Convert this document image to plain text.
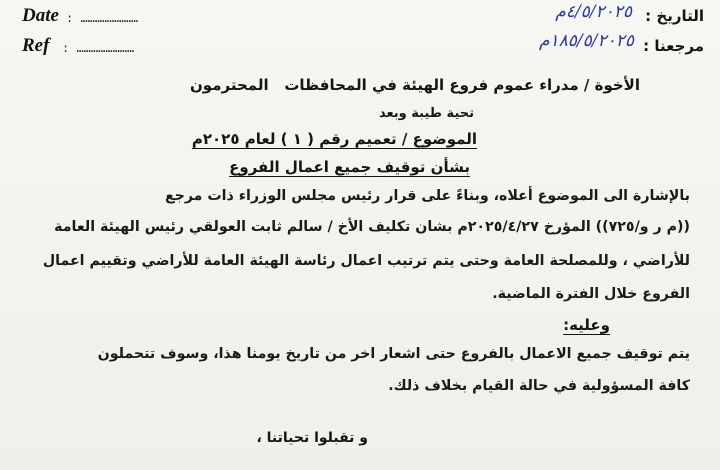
Date : ……………………
Ref : ……………………
التاريخ :
٤/٥/٢٠٢٥م
مرجعنا :
١٨٥/٥/٢٠٢٥م
الأخوة / مدراء عموم فروع الهيئة في المحافظات
المحترمون
تحية طيبة وبعد
الموضوع / تعميم رقم ( ١ ) لعام ٢٠٢٥م
بشأن توقيف جميع اعمال الفروع
بالإشارة الى الموضوع أعلاه، وبناءً على قرار رئيس مجلس الوزراء ذات مرجع
((م ر و/٧٢٥)) المؤرخ ٢٠٢٥/٤/٢٧م بشان تكليف الأخ / سالم ثابت العولقي رئيس الهيئة العامة
للأراضي ، وللمصلحة العامة وحتى يتم ترتيب اعمال رئاسة الهيئة العامة للأراضي وتقييم اعمال
الفروع خلال الفترة الماضية.
وعليه:
يتم توقيف جميع الاعمال بالفروع حتى اشعار اخر من تاريخ يومنا هذا، وسوف تتحملون
كافة المسؤولية في حالة القيام بخلاف ذلك.
و تقبلوا تحياتنا ،
